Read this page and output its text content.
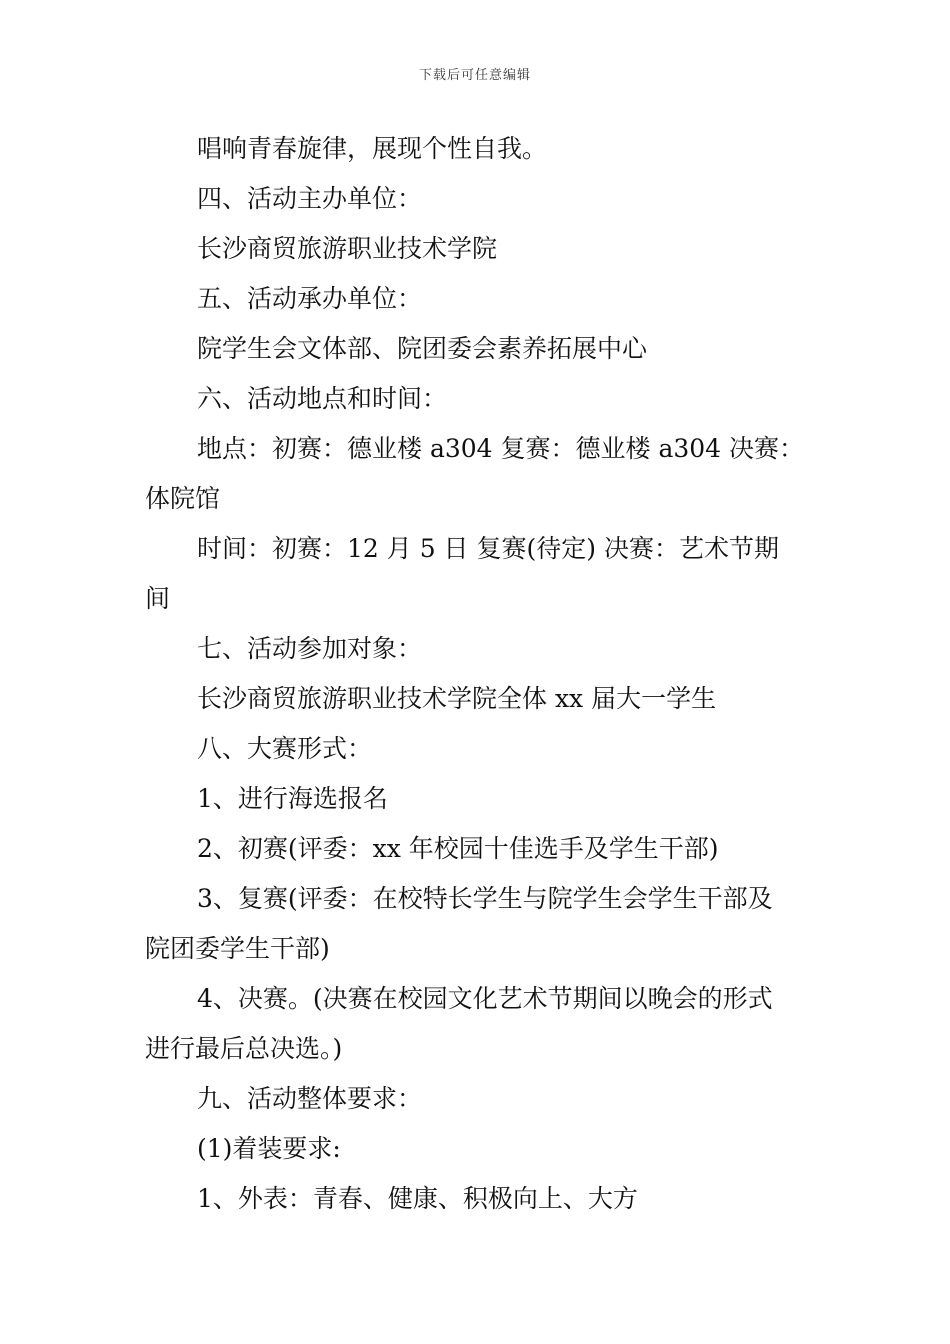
下载后可任意编辑
唱响青春旋律，展现个性自我。
四、活动主办单位：
长沙商贸旅游职业技术学院
五、活动承办单位：
院学生会文体部、院团委会素养拓展中心
六、活动地点和时间：
地点：初赛：德业楼 a304 复赛：德业楼 a304 决赛：
体院馆
时间：初赛：12 月 5 日 复赛(待定) 决赛：艺术节期
间
七、活动参加对象：
长沙商贸旅游职业技术学院全体 xx 届大一学生
八、大赛形式：
1、进行海选报名
2、初赛(评委：xx 年校园十佳选手及学生干部)
3、复赛(评委：在校特长学生与院学生会学生干部及
院团委学生干部)
4、决赛。(决赛在校园文化艺术节期间以晚会的形式
进行最后总决选。)
九、活动整体要求：
(1)着装要求:
1、外表：青春、健康、积极向上、大方
